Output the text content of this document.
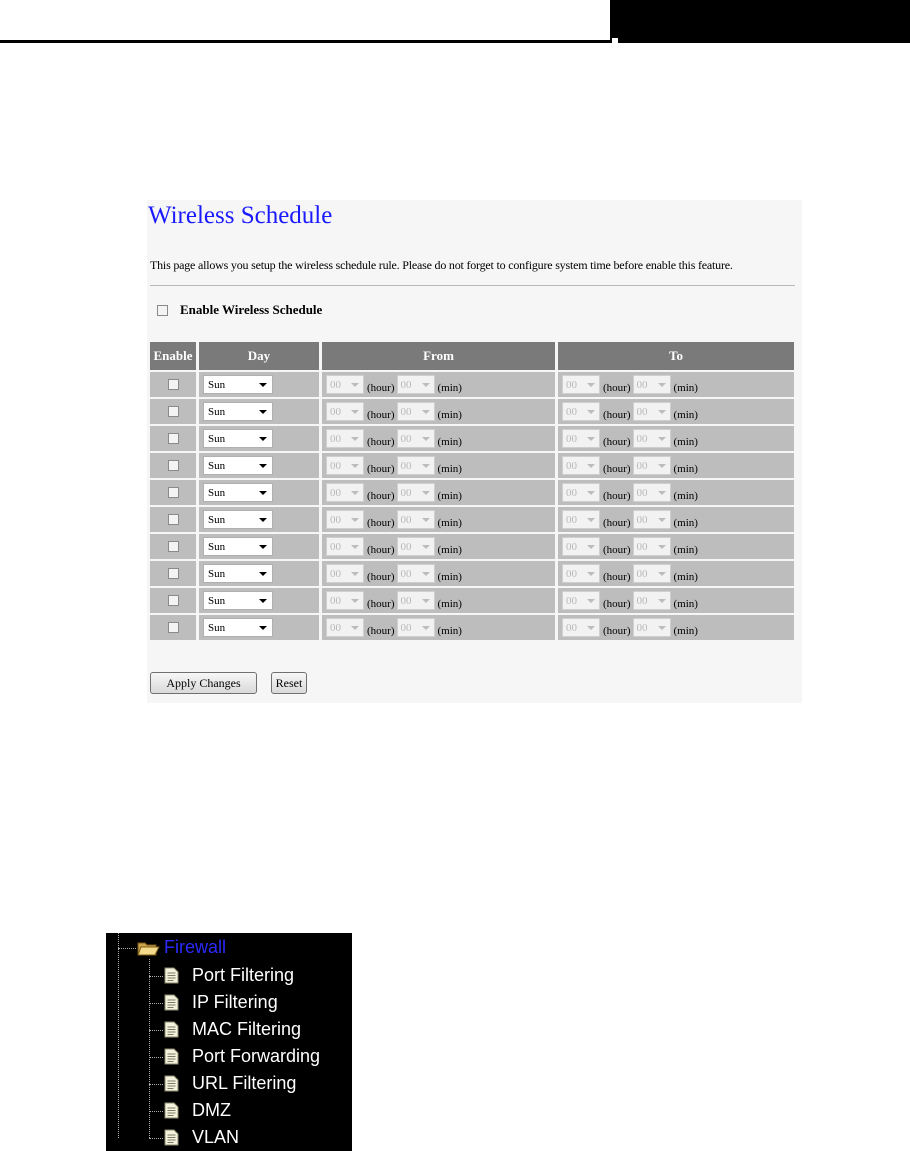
Wireless Schedule
This page allows you setup the wireless schedule rule. Please do not forget to configure system time before enable this feature.
Enable Wireless Schedule
Enable	Day	From	To

	Sun	00 (hour) 00 (min)	00 (hour) 00 (min)

	Sun	00 (hour) 00 (min)	00 (hour) 00 (min)

	Sun	00 (hour) 00 (min)	00 (hour) 00 (min)

	Sun	00 (hour) 00 (min)	00 (hour) 00 (min)

	Sun	00 (hour) 00 (min)	00 (hour) 00 (min)

	Sun	00 (hour) 00 (min)	00 (hour) 00 (min)

	Sun	00 (hour) 00 (min)	00 (hour) 00 (min)

	Sun	00 (hour) 00 (min)	00 (hour) 00 (min)

	Sun	00 (hour) 00 (min)	00 (hour) 00 (min)

	Sun	00 (hour) 00 (min)	00 (hour) 00 (min)
Apply Changes	Reset
Firewall
Port Filtering
IP Filtering
MAC Filtering
Port Forwarding
URL Filtering
DMZ
VLAN
